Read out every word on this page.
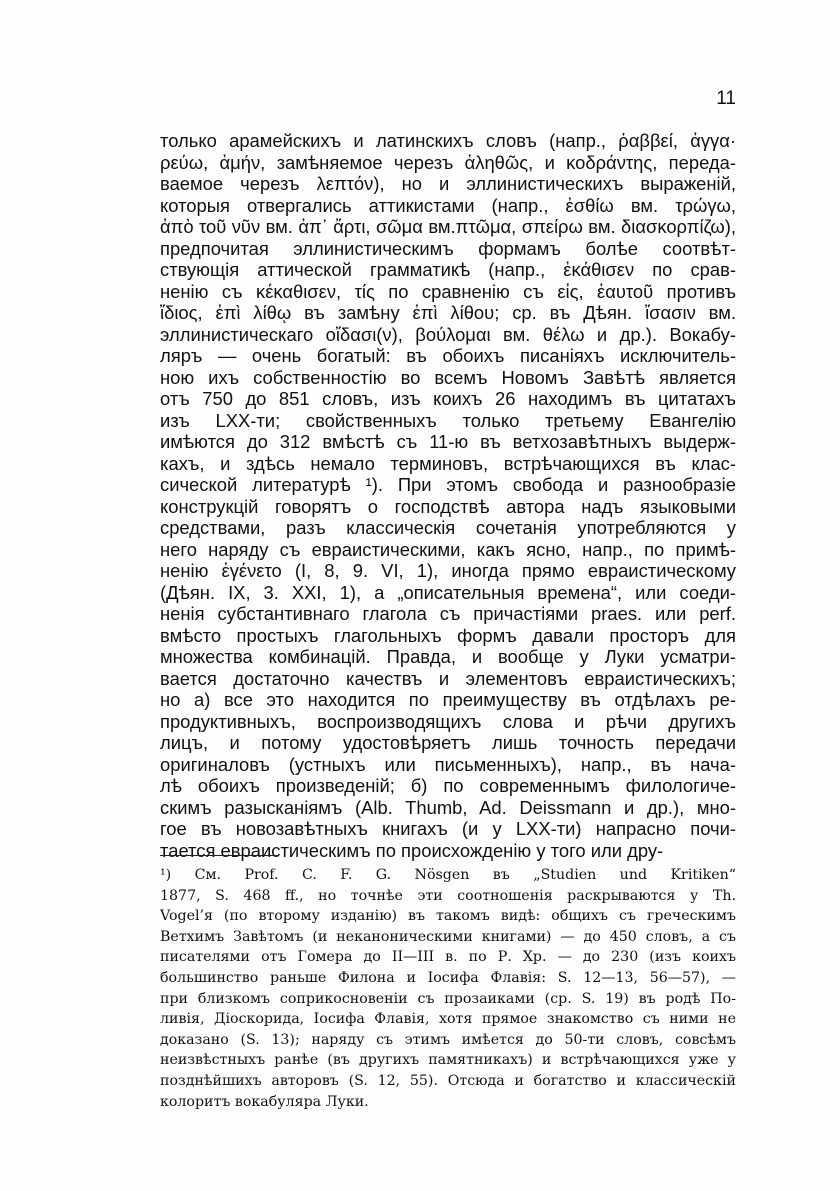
11
только арамейскихъ и латинскихъ словъ (напр., ῥαββεί, ἀγγα·
ρεύω, ἀμήν, замѣняемое черезъ ἀληθῶς, и κοδράντης, переда-
ваемое черезъ λεπτόν), но и эллинистическихъ выраженій,
которыя отвергались аттикистами (напр., ἐσθίω вм. τρώγω,
ἀπὸ τοῦ νῦν вм. ἀπ᾿ ἄρτι, σῶμα вм.πτῶμα, σπείρω вм. διασκορπίζω),
предпочитая эллинистическимъ формамъ болѣе соотвѣт-
ствующія аттической грамматикѣ (напр., ἐκάθισεν по срав-
ненію съ κέκαθισεν, τίς по сравненію съ εἰς, ἑαυτοῦ противъ
ἴδιος, ἐπὶ λίθῳ въ замѣну ἐπὶ λίθου; ср. въ Дѣян. ἴσασιν вм.
эллинистическаго οἴδασι(ν), βούλομαι вм. θέλω и др.). Вокабу-
ляръ — очень богатый: въ обоихъ писаніяхъ исключитель-
ною ихъ собственностію во всемъ Новомъ Завѣтѣ является
отъ 750 до 851 словъ, изъ коихъ 26 находимъ въ цитатахъ
изъ LXX-ти; свойственныхъ только третьему Евангелію
имѣются до 312 вмѣстѣ съ 11-ю въ ветхозавѣтныхъ выдерж-
кахъ, и здѣсь немало терминовъ, встрѣчающихся въ клас-
сической литературѣ ¹). При этомъ свобода и разнообразіе
конструкцій говорятъ о господствѣ автора надъ языковыми
средствами, разъ классическія сочетанія употребляются у
него наряду съ евраистическими, какъ ясно, напр., по примѣ-
ненію ἐγένετο (I, 8, 9. VI, 1), иногда прямо евраистическому
(Дѣян. IX, 3. XXI, 1), а „описательныя времена“, или соеди-
ненія субстантивнаго глагола съ причастіями praes. или perf.
вмѣсто простыхъ глагольныхъ формъ давали просторъ для
множества комбинацій. Правда, и вообще у Луки усматри-
вается достаточно качествъ и элементовъ евраистическихъ;
но а) все это находится по преимуществу въ отдѣлахъ ре-
продуктивныхъ, воспроизводящихъ слова и рѣчи другихъ
лицъ, и потому удостовѣряетъ лишь точность передачи
оригиналовъ (устныхъ или письменныхъ), напр., въ нача-
лѣ обоихъ произведеній; б) по современнымъ филологиче-
скимъ разысканіямъ (Alb. Thumb, Ad. Deissmann и др.), мно-
гое въ новозавѣтныхъ книгахъ (и у LXX-ти) напрасно почи-
тается евраистическимъ по происхожденію у того или дру-
¹) См. Prof. C. F. G. Nösgen въ „Studien und Kritiken“
1877, S. 468 ff., но точнѣе эти соотношенія раскрываются у Th.
Vogel’я (по второму изданію) въ такомъ видѣ: общихъ съ греческимъ
Ветхимъ Завѣтомъ (и неканоническими книгами) — до 450 словъ, а съ
писателями отъ Гомера до II—III в. по Р. Хр. — до 230 (изъ коихъ
большинство раньше Филона и Іосифа Флавія: S. 12—13, 56—57), —
при близкомъ соприкосновеніи съ прозаиками (ср. S. 19) въ родѣ По-
ливія, Діоскорида, Іосифа Флавія, хотя прямое знакомство съ ними не
доказано (S. 13); наряду съ этимъ имѣется до 50-ти словъ, совсѣмъ
неизвѣстныхъ ранѣе (въ другихъ памятникахъ) и встрѣчающихся уже у
позднѣйшихъ авторовъ (S. 12, 55). Отсюда и богатство и классическій
колоритъ вокабуляра Луки.
